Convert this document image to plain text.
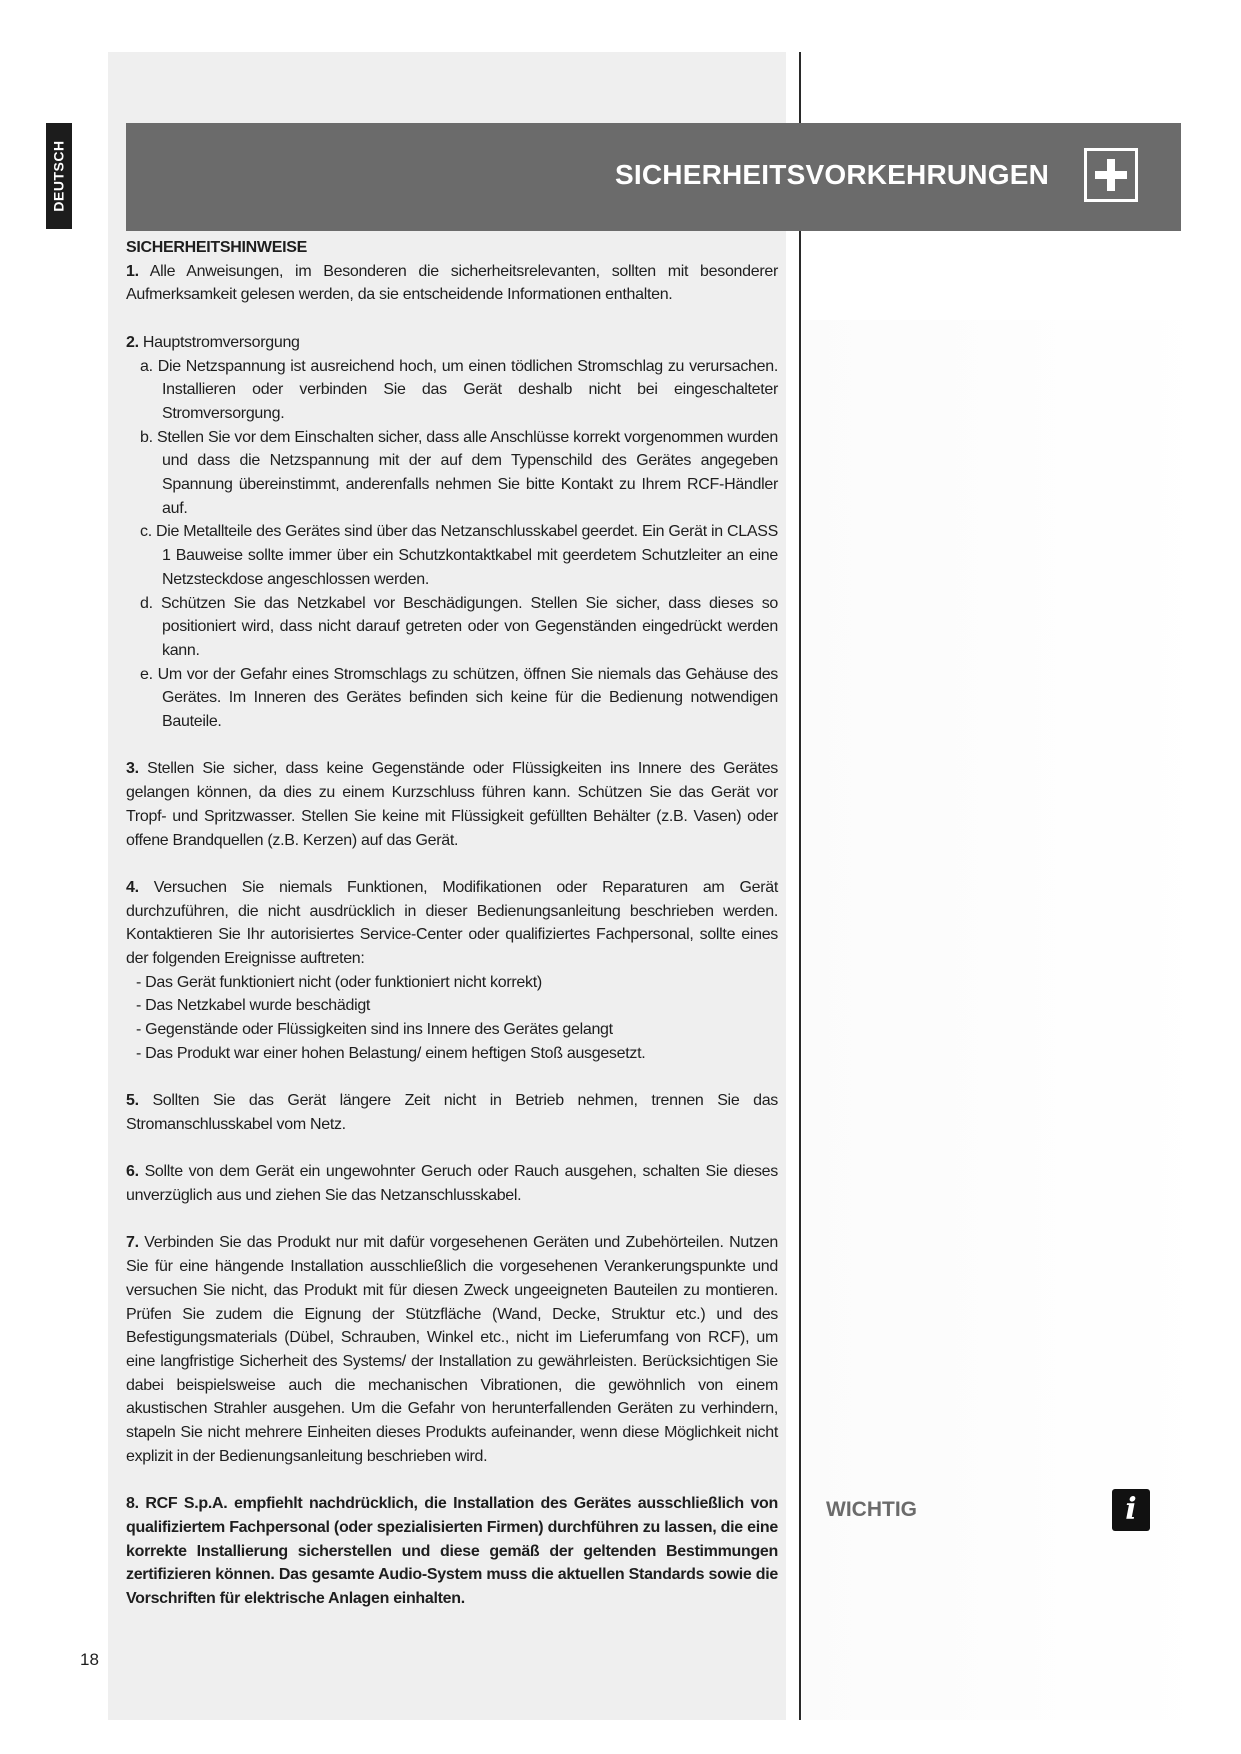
DEUTSCH	SICHERHEITSVORKEHRUNGEN
SICHERHEITSHINWEISE
1. Alle Anweisungen, im Besonderen die sicherheitsrelevanten, sollten mit besonderer Aufmerksamkeit gelesen werden, da sie entscheidende Informationen enthalten.
2. Hauptstromversorgung
a. Die Netzspannung ist ausreichend hoch, um einen tödlichen Stromschlag zu verursachen. Installieren oder verbinden Sie das Gerät deshalb nicht bei eingeschalteter Stromversorgung.
b. Stellen Sie vor dem Einschalten sicher, dass alle Anschlüsse korrekt vorgenommen wurden und dass die Netzspannung mit der auf dem Typenschild des Gerätes angegeben Spannung übereinstimmt, anderenfalls nehmen Sie bitte Kontakt zu Ihrem RCF-Händler auf.
c. Die Metallteile des Gerätes sind über das Netzanschlusskabel geerdet. Ein Gerät in CLASS 1 Bauweise sollte immer über ein Schutzkontaktkabel mit geerdetem Schutzleiter an eine Netzsteckdose angeschlossen werden.
d. Schützen Sie das Netzkabel vor Beschädigungen. Stellen Sie sicher, dass dieses so positioniert wird, dass nicht darauf getreten oder von Gegenständen eingedrückt werden kann.
e. Um vor der Gefahr eines Stromschlags zu schützen, öffnen Sie niemals das Gehäuse des Gerätes. Im Inneren des Gerätes befinden sich keine für die Bedienung notwendigen Bauteile.
3. Stellen Sie sicher, dass keine Gegenstände oder Flüssigkeiten ins Innere des Gerätes gelangen können, da dies zu einem Kurzschluss führen kann. Schützen Sie das Gerät vor Tropf- und Spritzwasser. Stellen Sie keine mit Flüssigkeit gefüllten Behälter (z.B. Vasen) oder offene Brandquellen (z.B. Kerzen) auf das Gerät.
4. Versuchen Sie niemals Funktionen, Modifikationen oder Reparaturen am Gerät durchzuführen, die nicht ausdrücklich in dieser Bedienungsanleitung beschrieben werden. Kontaktieren Sie Ihr autorisiertes Service-Center oder qualifiziertes Fachpersonal, sollte eines der folgenden Ereignisse auftreten:
- Das Gerät funktioniert nicht (oder funktioniert nicht korrekt)
- Das Netzkabel wurde beschädigt
- Gegenstände oder Flüssigkeiten sind ins Innere des Gerätes gelangt
- Das Produkt war einer hohen Belastung/ einem heftigen Stoß ausgesetzt.
5. Sollten Sie das Gerät längere Zeit nicht in Betrieb nehmen, trennen Sie das Stromanschlusskabel vom Netz.
6. Sollte von dem Gerät ein ungewohnter Geruch oder Rauch ausgehen, schalten Sie dieses unverzüglich aus und ziehen Sie das Netzanschlusskabel.
7. Verbinden Sie das Produkt nur mit dafür vorgesehenen Geräten und Zubehörteilen. Nutzen Sie für eine hängende Installation ausschließlich die vorgesehenen Verankerungspunkte und versuchen Sie nicht, das Produkt mit für diesen Zweck ungeeigneten Bauteilen zu montieren. Prüfen Sie zudem die Eignung der Stützfläche (Wand, Decke, Struktur etc.) und des Befestigungsmaterials (Dübel, Schrauben, Winkel etc., nicht im Lieferumfang von RCF), um eine langfristige Sicherheit des Systems/ der Installation zu gewährleisten. Berücksichtigen Sie dabei beispielsweise auch die mechanischen Vibrationen, die gewöhnlich von einem akustischen Strahler ausgehen. Um die Gefahr von herunterfallenden Geräten zu verhindern, stapeln Sie nicht mehrere Einheiten dieses Produkts aufeinander, wenn diese Möglichkeit nicht explizit in der Bedienungsanleitung beschrieben wird.
8. RCF S.p.A. empfiehlt nachdrücklich, die Installation des Gerätes ausschließlich von qualifiziertem Fachpersonal (oder spezialisierten Firmen) durchführen zu lassen, die eine korrekte Installierung sicherstellen und diese gemäß der geltenden Bestimmungen zertifizieren können. Das gesamte Audio-System muss die aktuellen Standards sowie die Vorschriften für elektrische Anlagen einhalten.
18
WICHTIG	i
